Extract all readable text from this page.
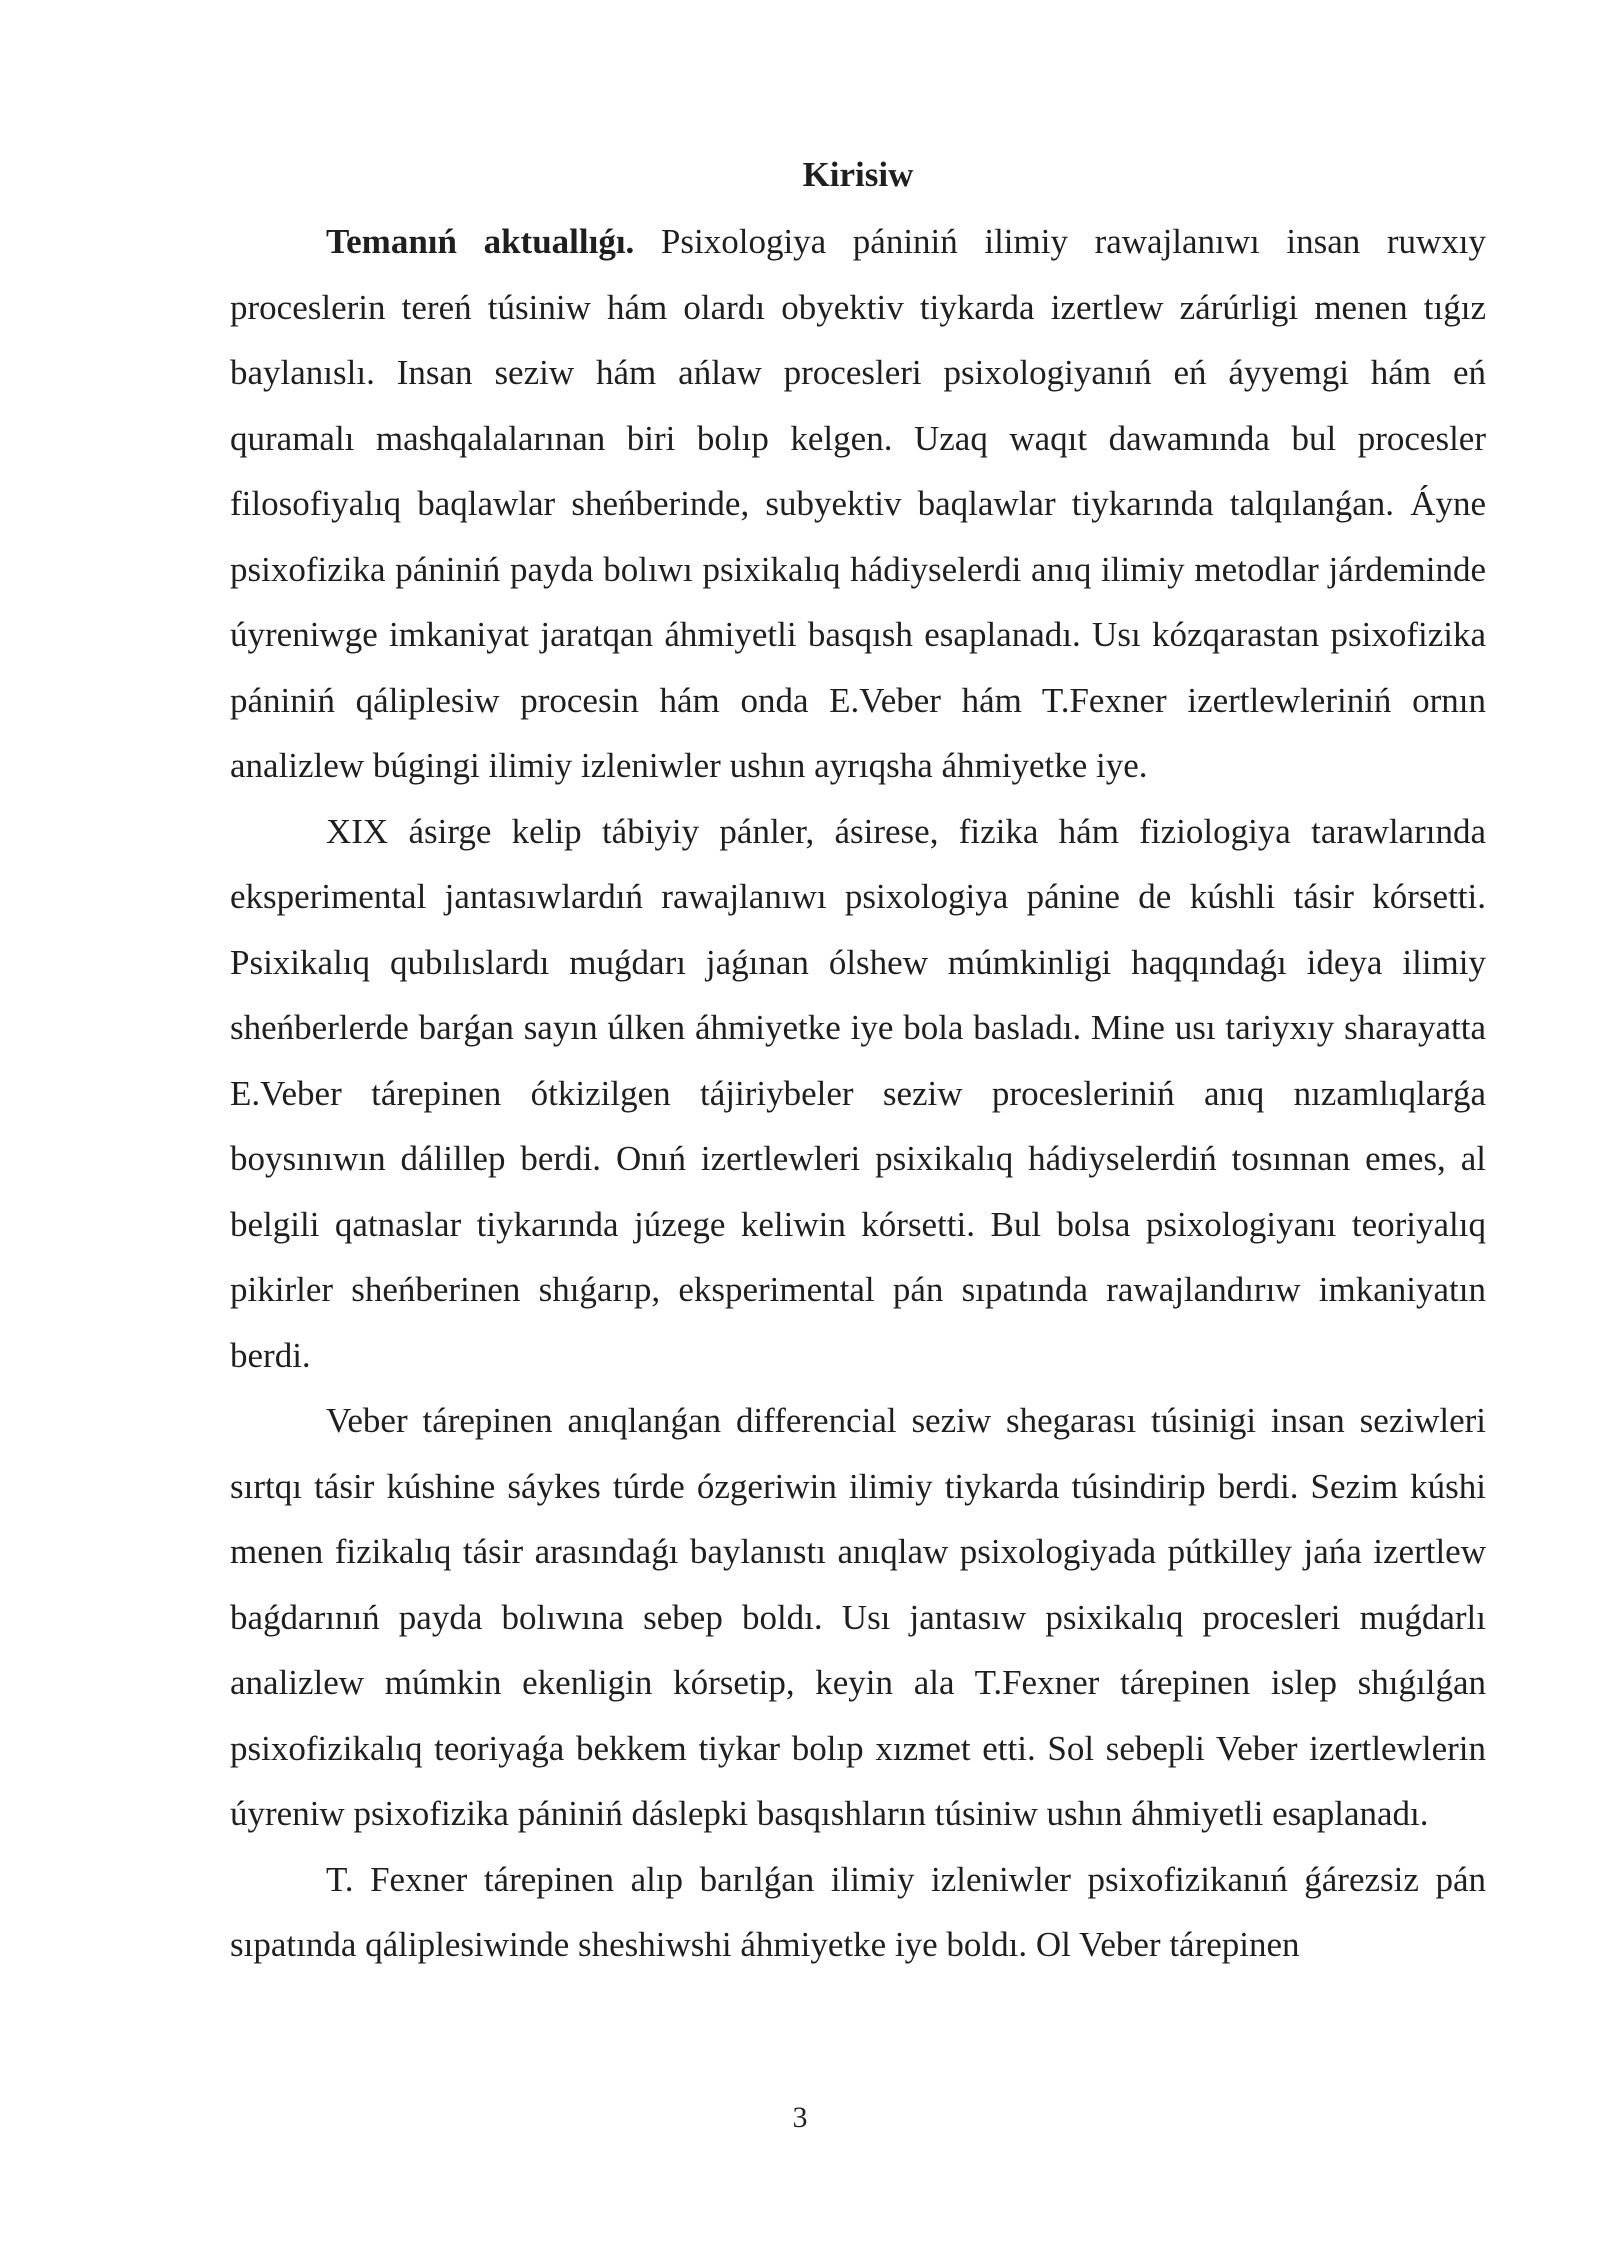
Kirisiw

Temanıń aktuallıǵı. Psixologiya pániniń ilimiy rawajlanıwı insan ruwxıy proceslerin tereń túsiniw hám olardı obyektiv tiykarda izertlew zárúrligi menen tıǵız baylanıslı. Insan seziw hám ańlaw procesleri psixologiyanıń eń áyyemgi hám eń quramalı mashqalalarınan biri bolıp kelgen. Uzaq waqıt dawamında bul procesler filosofiyalıq baqlawlar sheńberinde, subyektiv baqlawlar tiykarında talqılanǵan. Áyne psixofizika pániniń payda bolıwı psixikalıq hádiyselerdi anıq ilimiy metodlar járdeminde úyreniwge imkaniyat jaratqan áhmiyetli basqısh esaplanadı. Usı kózqarastan psixofizika pániniń qáliplesiw procesin hám onda E.Veber hám T.Fexner izertlewleriniń ornın analizlew búgingi ilimiy izleniwler ushın ayrıqsha áhmiyetke iye.

XIX ásirge kelip tábiyiy pánler, ásirese, fizika hám fiziologiya tarawlarında eksperimental jantasıwlardıń rawajlanıwı psixologiya pánine de kúshli tásir kórsetti. Psixikalıq qubılıslardı muǵdarı jaǵınan ólshew múmkinligi haqqındaǵı ideya ilimiy sheńberlerde barǵan sayın úlken áhmiyetke iye bola basladı. Mine usı tariyxıy sharayatta E.Veber tárepinen ótkizilgen tájiriybeler seziw procesleriniń anıq nızamlıqlarǵa boysınıwın dálillep berdi. Onıń izertlewleri psixikalıq hádiyselerdiń tosınnan emes, al belgili qatnaslar tiykarında júzege keliwin kórsetti. Bul bolsa psixologiyanı teoriyalıq pikirler sheńberinen shıǵarıp, eksperimental pán sıpatında rawajlandırıw imkaniyatın berdi.

Veber tárepinen anıqlanǵan differencial seziw shegarası túsinigi insan seziwleri sırtqı tásir kúshine sáykes túrde ózgeriwin ilimiy tiykarda túsindirip berdi. Sezim kúshi menen fizikalıq tásir arasındaǵı baylanıstı anıqlaw psixologiyada pútkilley jańa izertlew baǵdarınıń payda bolıwına sebep boldı. Usı jantasıw psixikalıq procesleri muǵdarlı analizlew múmkin ekenligin kórsetip, keyin ala T.Fexner tárepinen islep shıǵılǵan psixofizikalıq teoriyaǵa bekkem tiykar bolıp xızmet etti. Sol sebepli Veber izertlewlerin úyreniw psixofizika pániniń dáslepki basqıshların túsiniw ushın áhmiyetli esaplanadı.

T. Fexner tárepinen alıp barılǵan ilimiy izleniwler psixofizikanıń ǵárezsiz pán sıpatında qáliplesiwinde sheshiwshi áhmiyetke iye boldı. Ol Veber tárepinen

3
